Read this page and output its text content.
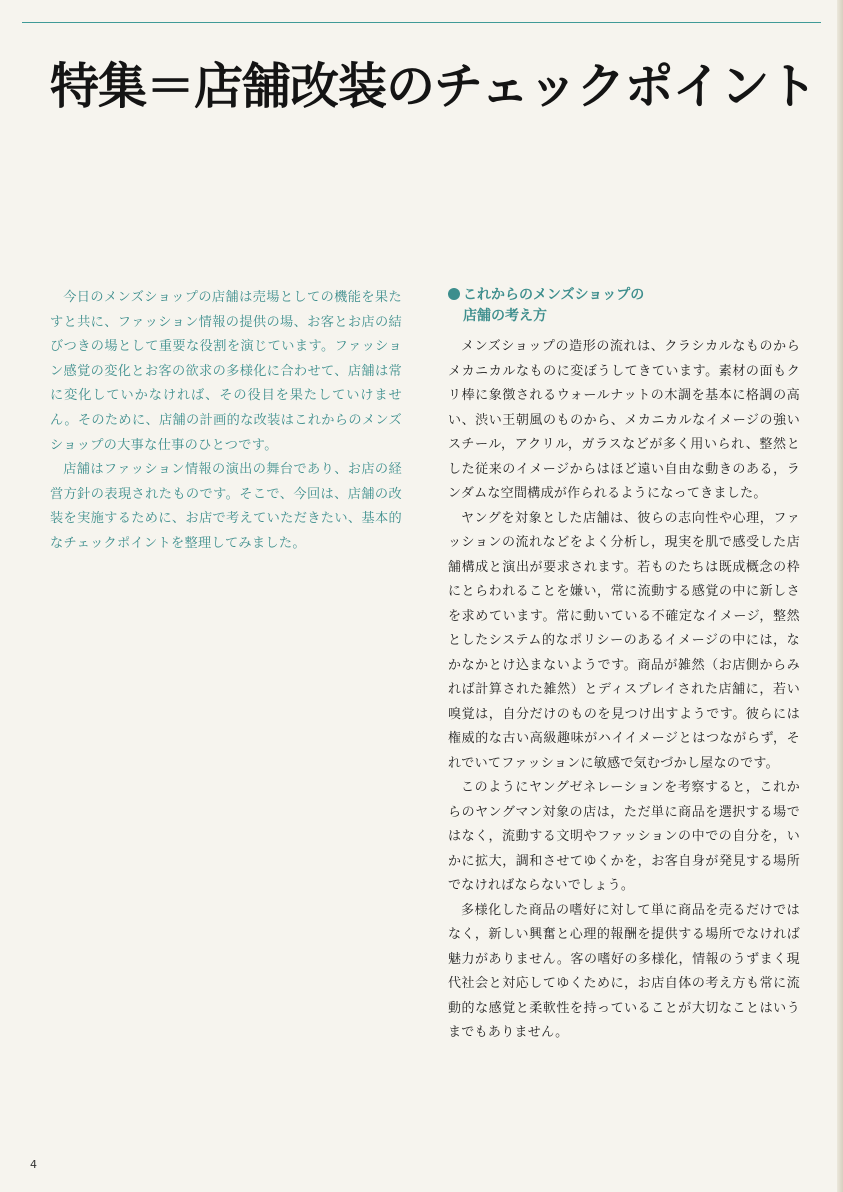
特集＝店舗改装のチェックポイント

今日のメンズショップの店舗は売場としての機能を果たすと共に、ファッション情報の提供の場、お客とお店の結びつきの場として重要な役割を演じています。ファッション感覚の変化とお客の欲求の多様化に合わせて、店舗は常に変化していかなければ、その役目を果たしていけません。そのために、店舗の計画的な改装はこれからのメンズショップの大事な仕事のひとつです。

店舗はファッション情報の演出の舞台であり、お店の経営方針の表現されたものです。そこで、今回は、店舗の改装を実施するために、お店で考えていただきたい、基本的なチェックポイントを整理してみました。

これからのメンズショップの
店舗の考え方

メンズショップの造形の流れは、クラシカルなものからメカニカルなものに変ぼうしてきています。素材の面もクリ棒に象徴されるウォールナットの木調を基本に格調の高い、渋い王朝風のものから、メカニカルなイメージの強いスチール，アクリル，ガラスなどが多く用いられ、整然とした従来のイメージからはほど遠い自由な動きのある，ランダムな空間構成が作られるようになってきました。

ヤングを対象とした店舗は、彼らの志向性や心理，ファッションの流れなどをよく分析し，現実を肌で感受した店舗構成と演出が要求されます。若ものたちは既成概念の枠にとらわれることを嫌い，常に流動する感覚の中に新しさを求めています。常に動いている不確定なイメージ，整然としたシステム的なポリシーのあるイメージの中には，なかなかとけ込まないようです。商品が雑然（お店側からみれば計算された雑然）とディスプレイされた店舗に，若い嗅覚は，自分だけのものを見つけ出すようです。彼らには権威的な古い高級趣味がハイイメージとはつながらず，それでいてファッションに敏感で気むづかし屋なのです。

このようにヤングゼネレーションを考察すると，これからのヤングマン対象の店は，ただ単に商品を選択する場ではなく，流動する文明やファッションの中での自分を，いかに拡大，調和させてゆくかを，お客自身が発見する場所でなければならないでしょう。

多様化した商品の嗜好に対して単に商品を売るだけではなく，新しい興奮と心理的報酬を提供する場所でなければ魅力がありません。客の嗜好の多様化，情報のうずまく現代社会と対応してゆくために，お店自体の考え方も常に流動的な感覚と柔軟性を持っていることが大切なことはいうまでもありません。

4
